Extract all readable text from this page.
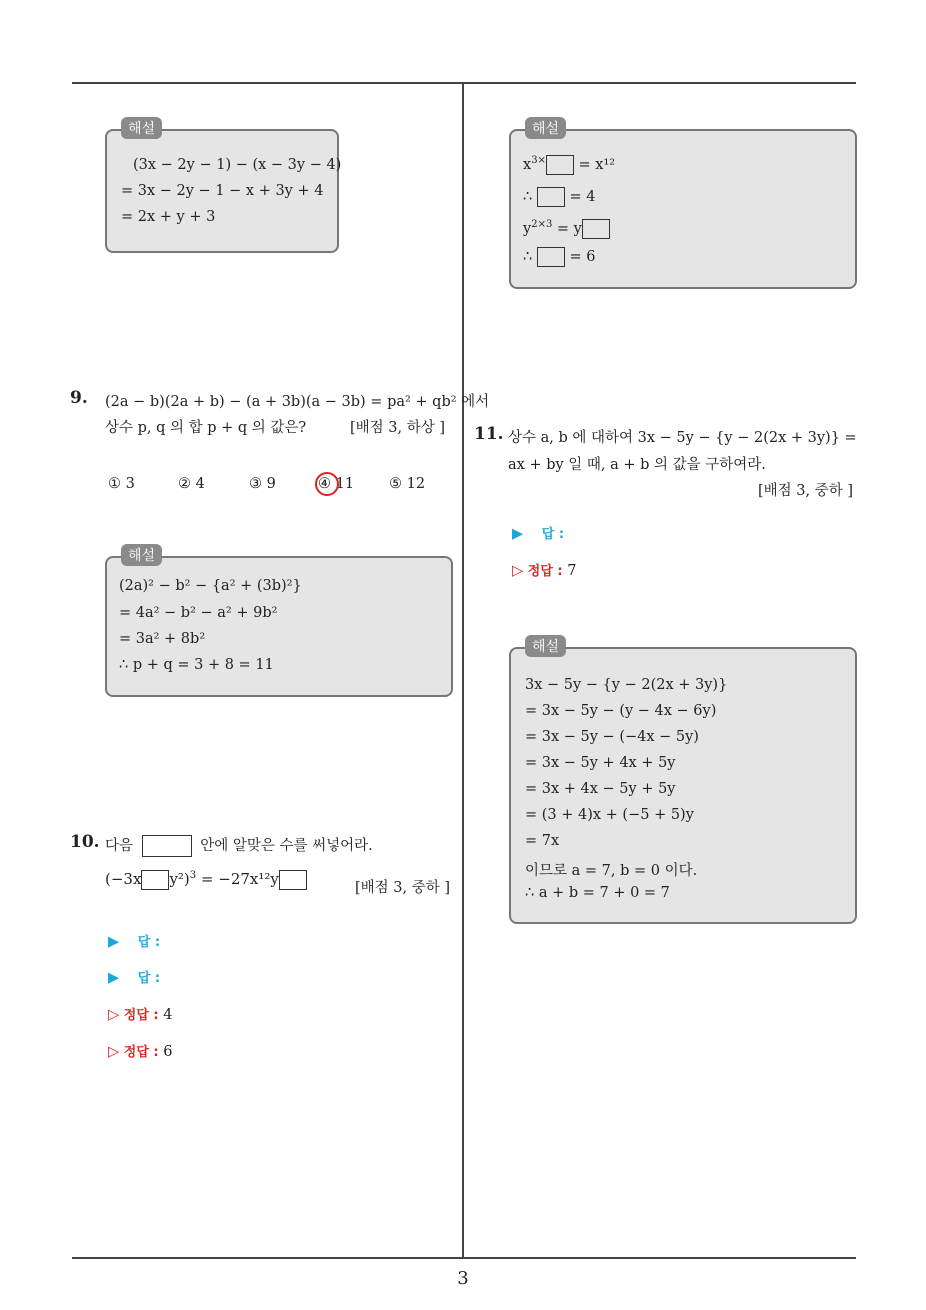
해설
(3x − 2y − 1) − (x − 3y − 4)
= 3x − 2y − 1 − x + 3y + 4
= 2x + y + 3
9. (2a − b)(2a + b) − (a + 3b)(a − 3b) = pa² + qb² 에서
상수 p, q 의 합 p + q 의 값은?	[배점 3, 하상 ]
① 3	② 4	③ 9	④ 11 ⑤ 12
해설
(2a)² − b² − {a² + (3b)²}
= 4a² − b² − a² + 9b²
= 3a² + 8b²
∴ p + q = 3 + 8 = 11
10. 다음	안에 알맞은 수를 써넣어라.
(−3x y²)$^3$ = −27x¹²y	[배점 3, 중하 ]
▶ 답 :
▶ 답 :
▷ 정답 : 4
▷ 정답 : 6
해설
$x^{3\times} = x^{12}$
∴  = 4
$y^{2\times 3} = y$
∴  = 6
11. 상수 a, b 에 대하여 3x − 5y − {y − 2(2x + 3y)} =
ax + by 일 때, a + b 의 값을 구하여라.
[배점 3, 중하 ]
▶ 답 :
▷ 정답 : 7
해설
3x − 5y − {y − 2(2x + 3y)}
= 3x − 5y − (y − 4x − 6y)
= 3x − 5y − (−4x − 5y)
= 3x − 5y + 4x + 5y
= 3x + 4x − 5y + 5y
= (3 + 4)x + (−5 + 5)y
= 7x
이므로 a = 7, b = 0 이다.
∴ a + b = 7 + 0 = 7
3
